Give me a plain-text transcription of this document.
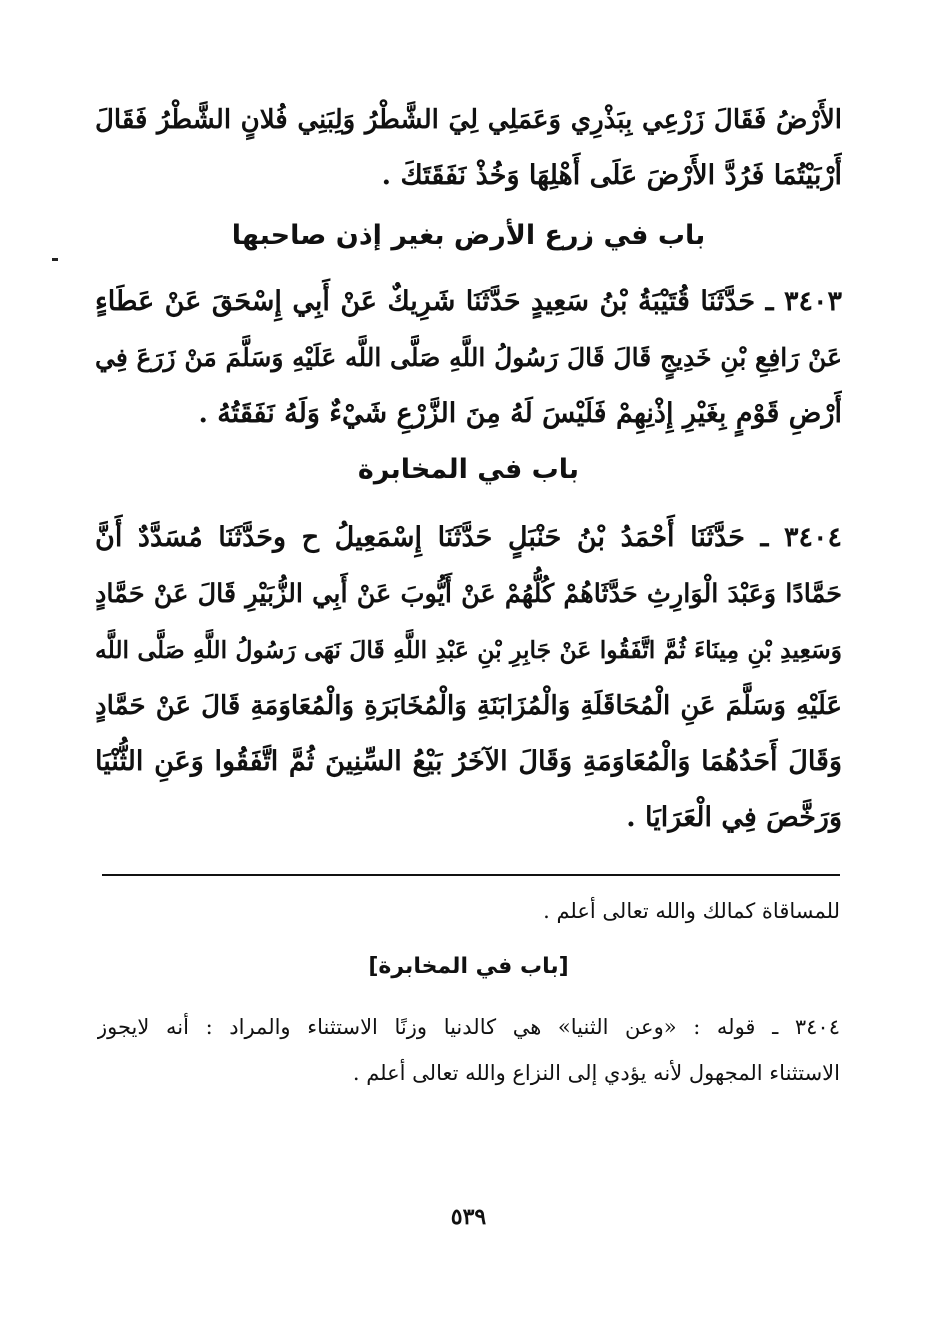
الأَرْضُ فَقَالَ زَرْعِي بِبَذْرِي وَعَمَلِي لِيَ الشَّطْرُ وَلِبَنِي فُلانٍ الشَّطْرُ فَقَالَ
أَرْبَيْتُمَا فَرُدَّ الأَرْضَ عَلَى أَهْلِهَا وَخُذْ نَفَقَتَكَ .
باب في زرع الأرض بغير إذن صاحبها
٣٤٠٣ ـ حَدَّثَنَا قُتَيْبَةُ بْنُ سَعِيدٍ حَدَّثَنَا شَرِيكٌ عَنْ أَبِي إِسْحَقَ عَنْ عَطَاءٍ
عَنْ رَافِعِ بْنِ خَدِيجٍ قَالَ قَالَ رَسُولُ اللَّهِ صَلَّى اللَّه عَلَيْهِ وَسَلَّمَ مَنْ زَرَعَ فِي
أَرْضِ قَوْمٍ بِغَيْرِ إِذْنِهِمْ فَلَيْسَ لَهُ مِنَ الزَّرْعِ شَيْءٌ وَلَهُ نَفَقَتُهُ .
باب في المخابرة
٣٤٠٤ ـ حَدَّثَنَا أَحْمَدُ بْنُ حَنْبَلٍ حَدَّثَنَا إِسْمَعِيلُ ح وحَدَّثَنَا مُسَدَّدٌ أَنَّ
حَمَّادًا وَعَبْدَ الْوَارِثِ حَدَّثَاهُمْ كُلُّهُمْ عَنْ أَيُّوبَ عَنْ أَبِي الزُّبَيْرِ قَالَ عَنْ حَمَّادٍ
وَسَعِيدِ بْنِ مِينَاءَ ثُمَّ اتَّفَقُوا عَنْ جَابِرِ بْنِ عَبْدِ اللَّهِ قَالَ نَهَى رَسُولُ اللَّهِ صَلَّى اللَّه
عَلَيْهِ وَسَلَّمَ عَنِ الْمُحَاقَلَةِ وَالْمُزَابَنَةِ وَالْمُخَابَرَةِ وَالْمُعَاوَمَةِ قَالَ عَنْ حَمَّادٍ
وَقَالَ أَحَدُهُمَا وَالْمُعَاوَمَةِ وَقَالَ الآخَرُ بَيْعُ السِّنِينَ ثُمَّ اتَّفَقُوا وَعَنِ الثُّنْيَا
وَرَخَّصَ فِي الْعَرَايَا .
للمساقاة كمالك والله تعالى أعلم .
[باب في المخابرة]
٣٤٠٤ ـ قوله : «وعن الثنيا» هي كالدنيا وزنًا الاستثناء والمراد : أنه لايجوز
الاستثناء المجهول لأنه يؤدي إلى النزاع والله تعالى أعلم .
٥٣٩
